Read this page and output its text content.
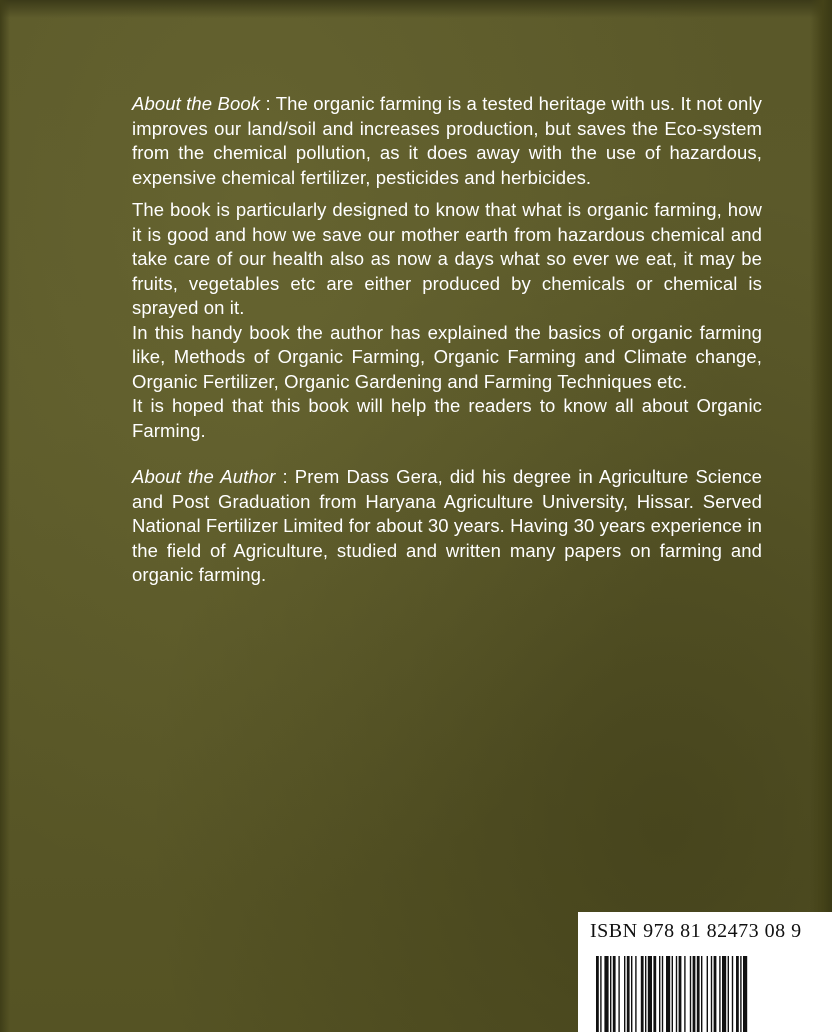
About the Book : The organic farming is a tested heritage with us. It not only improves our land/soil and increases production, but saves the Eco-system from the chemical pollution, as it does away with the use of hazardous, expensive chemical fertilizer, pesticides and herbicides.

The book is particularly designed to know that what is organic farming, how it is good and how we save our mother earth from hazardous chemical and take care of our health also as now a days what so ever we eat, it may be fruits, vegetables etc are either produced by chemicals or chemical is sprayed on it.

In this handy book the author has explained the basics of organic farming like, Methods of Organic Farming, Organic Farming and Climate change, Organic Fertilizer, Organic Gardening and Farming Techniques etc.

It is hoped that this book will help the readers to know all about Organic Farming.

About the Author : Prem Dass Gera, did his degree in Agriculture Science and Post Graduation from Haryana Agriculture University, Hissar. Served National Fertilizer Limited for about 30 years. Having 30 years experience in the field of Agriculture, studied and written many papers on farming and organic farming.

ISBN 978 81 82473 08 9
